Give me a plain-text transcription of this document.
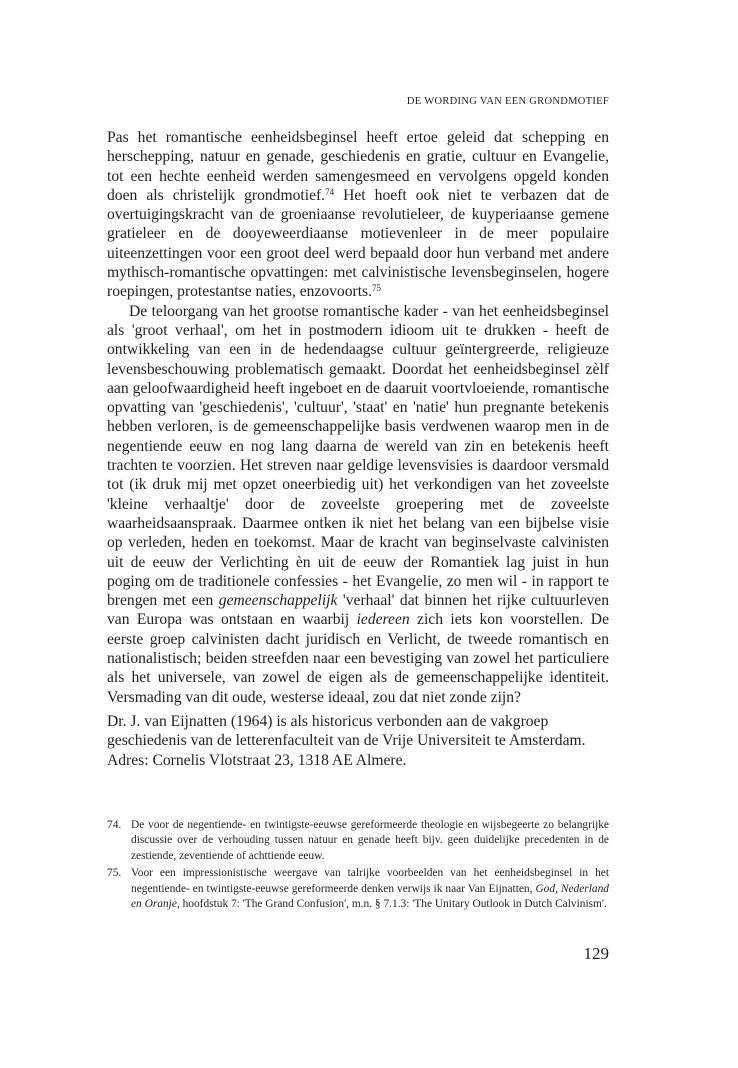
DE WORDING VAN EEN GRONDMOTIEF

Pas het romantische eenheidsbeginsel heeft ertoe geleid dat schepping en herschepping, natuur en genade, geschiedenis en gratie, cultuur en Evangelie, tot een hechte eenheid werden samengesmeed en vervolgens opgeld konden doen als christelijk grondmotief.$^{74}$ Het hoeft ook niet te verbazen dat de overtuigingskracht van de groeniaanse revolutieleer, de kuyperiaanse gemene gratieleer en de dooyeweerdiaanse motievenleer in de meer populaire uiteenzettingen voor een groot deel werd bepaald door hun verband met andere mythisch-romantische opvattingen: met calvinistische levensbeginselen, hogere roepingen, protestantse naties, enzovoorts.$^{75}$

De teloorgang van het grootse romantische kader - van het eenheidsbeginsel als 'groot verhaal', om het in postmodern idioom uit te drukken - heeft de ontwikkeling van een in de hedendaagse cultuur geïntergreerde, religieuze levensbeschouwing problematisch gemaakt. Doordat het eenheidsbeginsel zèlf aan geloofwaardigheid heeft ingeboet en de daaruit voortvloeiende, romantische opvatting van 'geschiedenis', 'cultuur', 'staat' en 'natie' hun pregnante betekenis hebben verloren, is de gemeenschappelijke basis verdwenen waarop men in de negentiende eeuw en nog lang daarna de wereld van zin en betekenis heeft trachten te voorzien. Het streven naar geldige levensvisies is daardoor versmald tot (ik druk mij met opzet oneerbiedig uit) het verkondigen van het zoveelste 'kleine verhaaltje' door de zoveelste groepering met de zoveelste waarheidsaanspraak. Daarmee ontken ik niet het belang van een bijbelse visie op verleden, heden en toekomst. Maar de kracht van beginselvaste calvinisten uit de eeuw der Verlichting èn uit de eeuw der Romantiek lag juist in hun poging om de traditionele confessies - het Evangelie, zo men wil - in rapport te brengen met een gemeenschappelijk 'verhaal' dat binnen het rijke cultuurleven van Europa was ontstaan en waarbij iedereen zich iets kon voorstellen. De eerste groep calvinisten dacht juridisch en Verlicht, de tweede romantisch en nationalistisch; beiden streefden naar een bevestiging van zowel het particuliere als het universele, van zowel de eigen als de gemeenschappelijke identiteit. Versmading van dit oude, westerse ideaal, zou dat niet zonde zijn?

Dr. J. van Eijnatten (1964) is als historicus verbonden aan de vakgroep geschiedenis van de letterenfaculteit van de Vrije Universiteit te Amsterdam. Adres: Cornelis Vlotstraat 23, 1318 AE Almere.

74. De voor de negentiende- en twintigste-eeuwse gereformeerde theologie en wijsbegeerte zo belangrijke discussie over de verhouding tussen natuur en genade heeft bijv. geen duidelijke precedenten in de zestiende, zeventiende of achttiende eeuw.
75. Voor een impressionistische weergave van talrijke voorbeelden van het eenheidsbeginsel in het negentiende- en twintigste-eeuwse gereformeerde denken verwijs ik naar Van Eijnatten, God, Nederland en Oranje, hoofdstuk 7: 'The Grand Confusion', m.n. § 7.1.3: 'The Unitary Outlook in Dutch Calvinism'.
129
